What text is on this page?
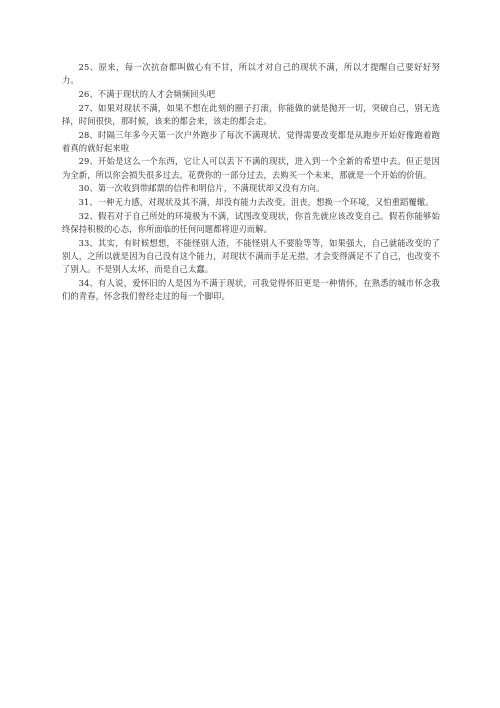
25、原来，每一次抗奋都叫做心有不甘，所以才对自己的现状不满，所以才提醒自己要好好努力。

26、不满于现状的人才会频频回头吧

27、如果对现状不满，如果不想在此刻的圈子打滚，你能做的就是抛开一切，突破自己，别无选择，时间很快，那时候，该来的都会来，该走的都会走。

28、时隔三年多今天第一次户外跑步了每次不满现状、觉得需要改变都是从跑步开始好像跑着跑着真的就好起来啦

29、开始是这么一个东西，它让人可以丢下不满的现状，进入到一个全新的希望中去。但正是因为全新，所以你会损失很多过去。花费你的一部分过去，去购买一个未来，那就是一个开始的价值。

30、第一次收到带邮票的信件和明信片，不满现状却又没有方向。

31、一种无力感，对现状及其不满，却没有能力去改变。沮丧，想换一个环境，又怕重蹈覆辙。

32、假若对于自己所处的环境极为不满，试图改变现状，你首先就应该改变自己。假若你能够始终保持积极的心态，你所面临的任何问题都将迎刃而解。

33、其实，有时候想想，不能怪别人渣，不能怪别人不要脸等等，如果强大，自己就能改变的了别人，之所以就是因为自己没有这个能力，对现状不满而手足无措，才会变得满足不了自己，也改变不了别人。不是别人太坏，而是自己太蠢。

34、有人说，爱怀旧的人是因为不满于现状，可我觉得怀旧更是一种情怀，在熟悉的城市怀念我们的青春，怀念我们曾经走过的每一个脚印。
